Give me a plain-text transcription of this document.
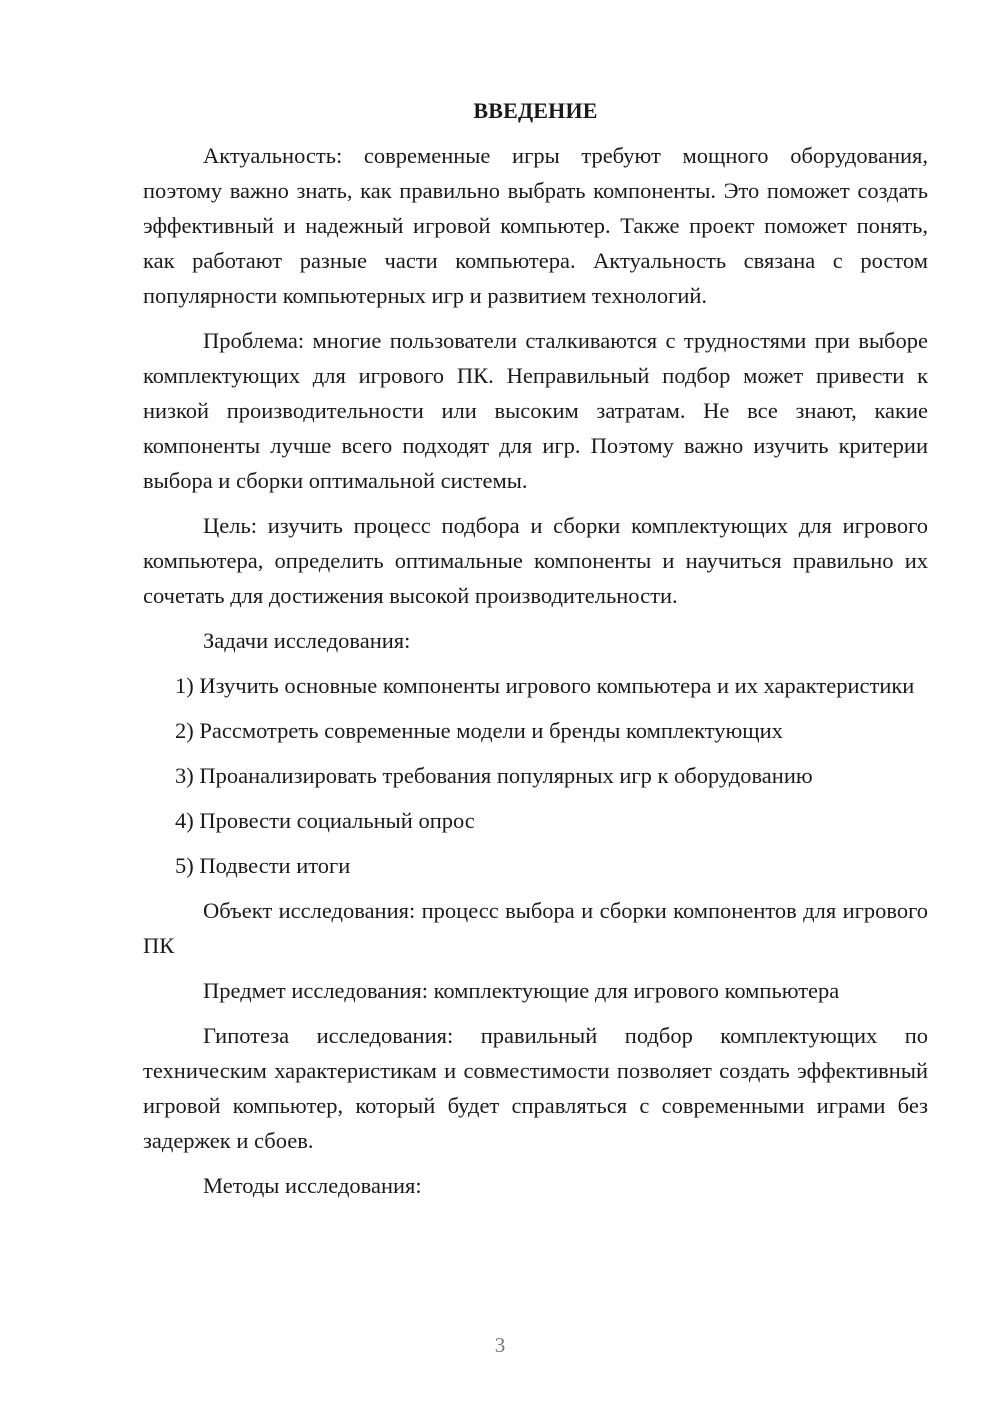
ВВЕДЕНИЕ

Актуальность: современные игры требуют мощного оборудования, поэтому важно знать, как правильно выбрать компоненты. Это поможет создать эффективный и надежный игровой компьютер. Также проект поможет понять, как работают разные части компьютера. Актуальность связана с ростом популярности компьютерных игр и развитием технологий.

Проблема: многие пользователи сталкиваются с трудностями при выборе комплектующих для игрового ПК. Неправильный подбор может привести к низкой производительности или высоким затратам. Не все знают, какие компоненты лучше всего подходят для игр. Поэтому важно изучить критерии выбора и сборки оптимальной системы.

Цель: изучить процесс подбора и сборки комплектующих для игрового компьютера, определить оптимальные компоненты и научиться правильно их сочетать для достижения высокой производительности.

Задачи исследования:

1) Изучить основные компоненты игрового компьютера и их характеристики

2) Рассмотреть современные модели и бренды комплектующих

3) Проанализировать требования популярных игр к оборудованию

4) Провести социальный опрос

5) Подвести итоги

Объект исследования: процесс выбора и сборки компонентов для игрового ПК

Предмет исследования: комплектующие для игрового компьютера

Гипотеза исследования: правильный подбор комплектующих по техническим характеристикам и совместимости позволяет создать эффективный игровой компьютер, который будет справляться с современными играми без задержек и сбоев.

Методы исследования:

3
